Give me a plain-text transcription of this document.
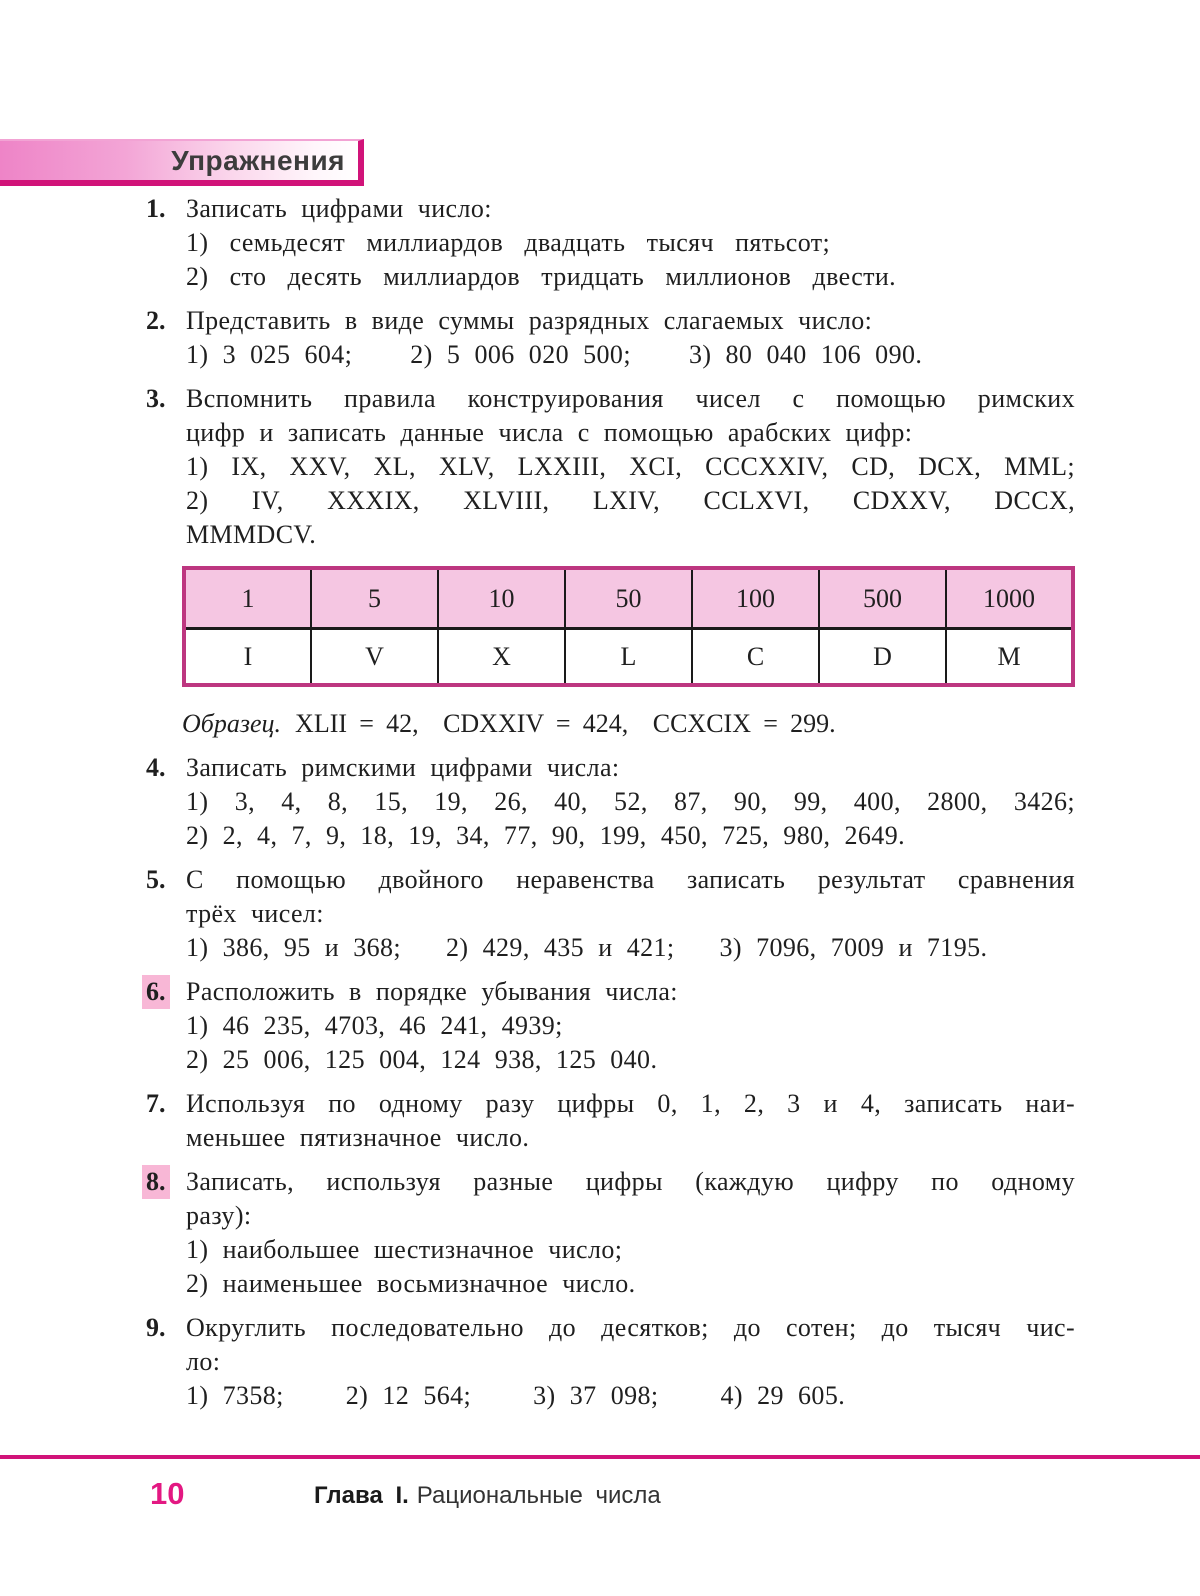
Упражнения
1. Записать цифрами число:
1) семьдесят миллиардов двадцать тысяч пятьсот;
2) сто десять миллиардов тридцать миллионов двести.
2. Представить в виде суммы разрядных слагаемых число:
1) 3 025 604; 2) 5 006 020 500; 3) 80 040 106 090.
3. Вспомнить правила конструирования чисел с помощью римских
цифр и записать данные числа с помощью арабских цифр:
1) IX, XXV, XL, XLV, LXXIII, XCI, CCCXXIV, CD, DCX, MML;
2) IV, XXXIX, XLVIII, LXIV, CCLXVI, CDXXV, DCCX,
MMMDCV.
1	5	10	50	100	500	1000
I	V	X	L	C	D	M
Образец. XLII = 42,  CDXXIV = 424,  CCXCIX = 299.
4. Записать римскими цифрами числа:
1) 3, 4, 8, 15, 19, 26, 40, 52, 87, 90, 99, 400, 2800, 3426;
2) 2, 4, 7, 9, 18, 19, 34, 77, 90, 199, 450, 725, 980, 2649.
5. С помощью двойного неравенства записать результат сравнения
трёх чисел:
1) 386, 95 и 368; 2) 429, 435 и 421; 3) 7096, 7009 и 7195.
6. Расположить в порядке убывания числа:
1) 46 235, 4703, 46 241, 4939;
2) 25 006, 125 004, 124 938, 125 040.
7. Используя по одному разу цифры 0, 1, 2, 3 и 4, записать наи-
меньшее пятизначное число.
8. Записать, используя разные цифры (каждую цифру по одному
разу):
1) наибольшее шестизначное число;
2) наименьшее восьмизначное число.
9. Округлить последовательно до десятков; до сотен; до тысяч чис-
ло:
1) 7358; 2) 12 564; 3) 37 098; 4) 29 605.
10	Глава I. Рациональные числа
